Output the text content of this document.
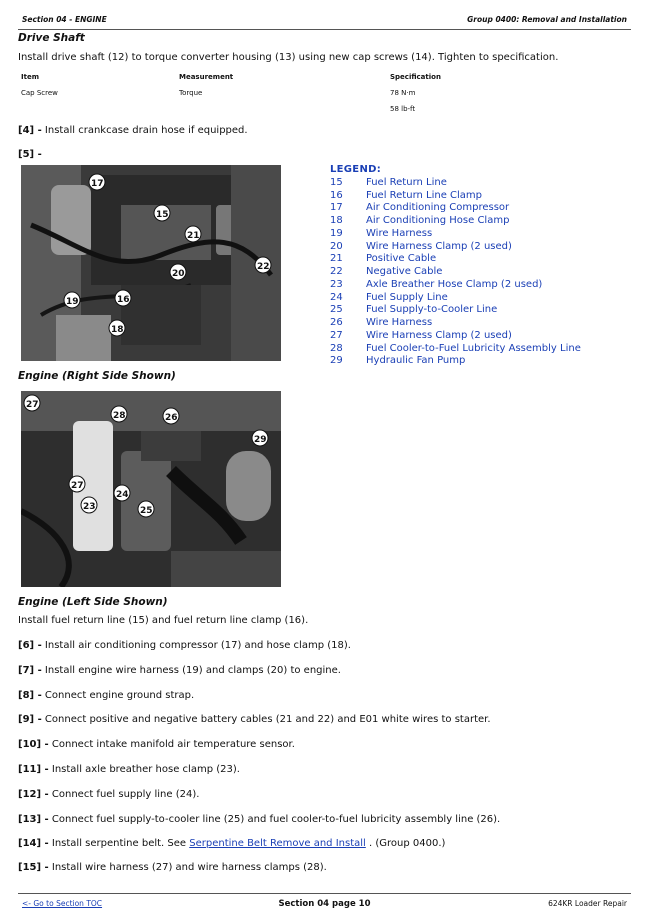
Section 04 - ENGINE	Group 0400: Removal and Installation
Drive Shaft
Install drive shaft (12) to torque converter housing (13) using new cap screws (14). Tighten to specification.
Item	Measurement	Specification
Cap Screw	Torque	78 N·m
58 lb-ft
[4] - Install crankcase drain hose if equipped.
[5] -
17
15
21
20
22
19	16
18
LEGEND:
15 Fuel Return Line
16 Fuel Return Line Clamp
17 Air Conditioning Compressor
18 Air Conditioning Hose Clamp
19 Wire Harness
20 Wire Harness Clamp (2 used)
21 Positive Cable
22 Negative Cable
23 Axle Breather Hose Clamp (2 used)
24 Fuel Supply Line
25 Fuel Supply-to-Cooler Line
26 Wire Harness
27 Wire Harness Clamp (2 used)
28 Fuel Cooler-to-Fuel Lubricity Assembly Line
29 Hydraulic Fan Pump
Engine (Right Side Shown)
27
28	26
29
27
24
23	25
Engine (Left Side Shown)
Install fuel return line (15) and fuel return line clamp (16).
[6] - Install air conditioning compressor (17) and hose clamp (18).
[7] - Install engine wire harness (19) and clamps (20) to engine.
[8] - Connect engine ground strap.
[9] - Connect positive and negative battery cables (21 and 22) and E01 white wires to starter.
[10] - Connect intake manifold air temperature sensor.
[11] - Install axle breather hose clamp (23).
[12] - Connect fuel supply line (24).
[13] - Connect fuel supply-to-cooler line (25) and fuel cooler-to-fuel lubricity assembly line (26).
[14] - Install serpentine belt. See Serpentine Belt Remove and Install . (Group 0400.)
[15] - Install wire harness (27) and wire harness clamps (28).
<- Go to Section TOC	Section 04 page 10	624KR Loader Repair
